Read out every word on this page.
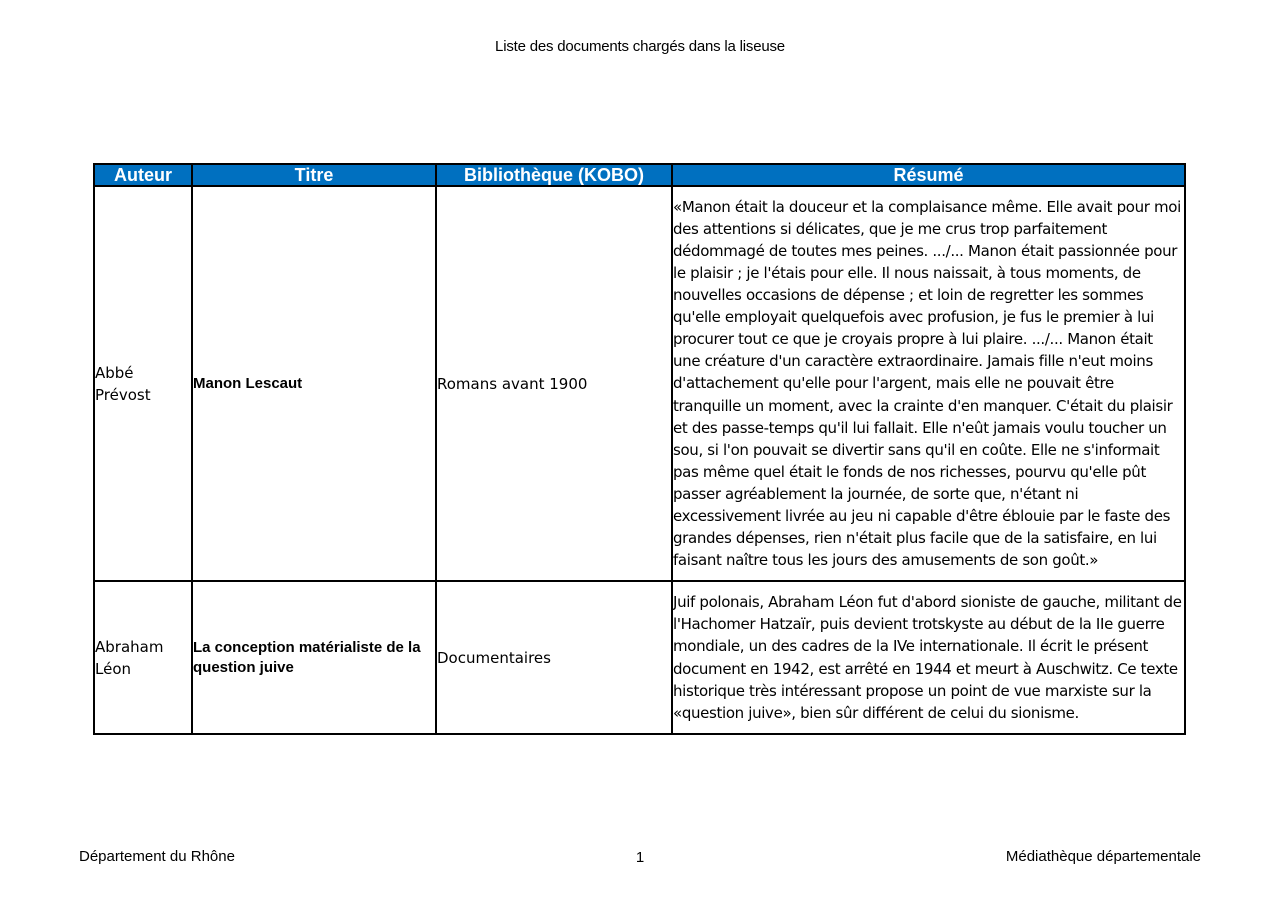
Liste des documents chargés dans la liseuse
Auteur	Titre	Bibliothèque (KOBO)	Résumé
Abbé Prévost	Manon Lescaut	Romans avant 1900	«Manon était la douceur et la complaisance même. Elle avait pour moi des attentions si délicates, que je me crus trop parfaitement dédommagé de toutes mes peines. .../... Manon était passionnée pour le plaisir ; je l'étais pour elle. Il nous naissait, à tous moments, de nouvelles occasions de dépense ; et loin de regretter les sommes qu'elle employait quelquefois avec profusion, je fus le premier à lui procurer tout ce que je croyais propre à lui plaire. .../... Manon était une créature d'un caractère extraordinaire. Jamais fille n'eut moins d'attachement qu'elle pour l'argent, mais elle ne pouvait être tranquille un moment, avec la crainte d'en manquer. C'était du plaisir et des passe-temps qu'il lui fallait. Elle n'eût jamais voulu toucher un sou, si l'on pouvait se divertir sans qu'il en coûte. Elle ne s'informait pas même quel était le fonds de nos richesses, pourvu qu'elle pût passer agréablement la journée, de sorte que, n'étant ni excessivement livrée au jeu ni capable d'être éblouie par le faste des grandes dépenses, rien n'était plus facile que de la satisfaire, en lui faisant naître tous les jours des amusements de son goût.»
Abraham Léon	La conception matérialiste de la question juive	Documentaires	Juif polonais, Abraham Léon fut d'abord sioniste de gauche, militant de l'Hachomer Hatzaïr, puis devient trotskyste au début de la IIe guerre mondiale, un des cadres de la IVe internationale. Il écrit le présent document en 1942, est arrêté en 1944 et meurt à Auschwitz. Ce texte historique très intéressant propose un point de vue marxiste sur la «question juive», bien sûr différent de celui du sionisme.
Département du Rhône	1	Médiathèque départementale
